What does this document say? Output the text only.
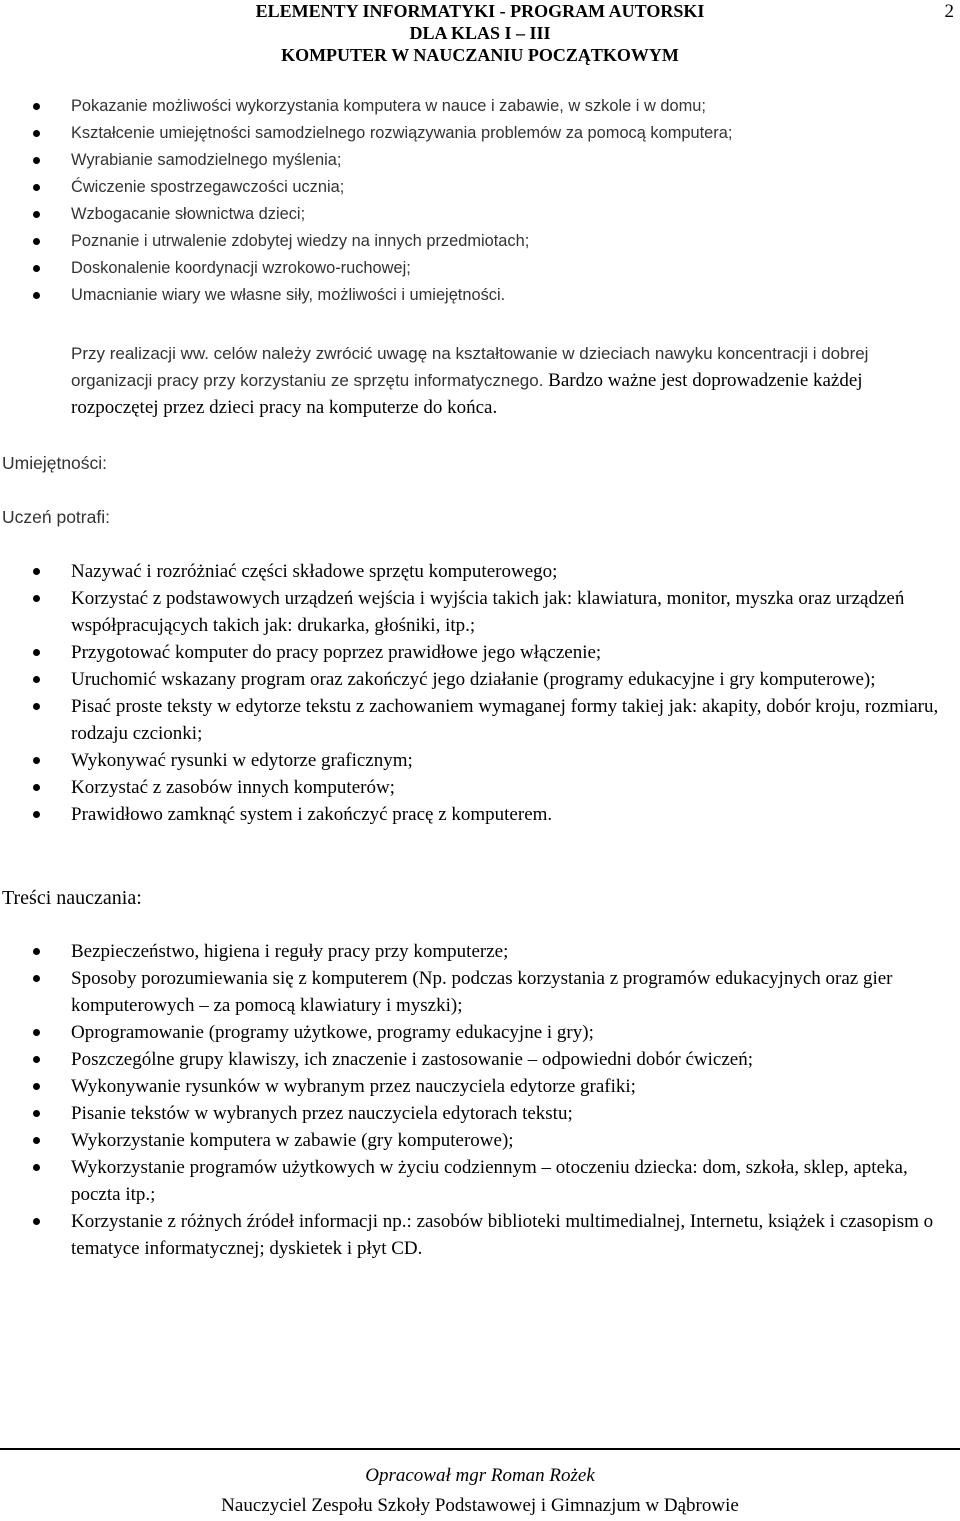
ELEMENTY INFORMATYKI - PROGRAM AUTORSKI
DLA KLAS I – III
KOMPUTER W NAUCZANIU POCZĄTKOWYM
2
Pokazanie możliwości wykorzystania komputera w nauce i zabawie, w szkole i w domu;
Kształcenie umiejętności samodzielnego rozwiązywania problemów za pomocą komputera;
Wyrabianie samodzielnego myślenia;
Ćwiczenie spostrzegawczości ucznia;
Wzbogacanie słownictwa dzieci;
Poznanie i utrwalenie zdobytej wiedzy na innych przedmiotach;
Doskonalenie koordynacji wzrokowo-ruchowej;
Umacnianie wiary we własne siły, możliwości i umiejętności.
Przy realizacji ww. celów należy zwrócić uwagę na kształtowanie w dzieciach nawyku koncentracji i dobrej organizacji pracy przy korzystaniu ze sprzętu informatycznego. Bardzo ważne jest doprowadzenie każdej rozpoczętej przez dzieci pracy na komputerze do końca.
Umiejętności:
Uczeń potrafi:
Nazywać i rozróżniać części składowe sprzętu komputerowego;
Korzystać z podstawowych urządzeń wejścia i wyjścia takich jak: klawiatura, monitor, myszka oraz urządzeń współpracujących takich jak: drukarka, głośniki, itp.;
Przygotować komputer do pracy poprzez prawidłowe jego włączenie;
Uruchomić wskazany program oraz zakończyć jego działanie (programy edukacyjne i gry komputerowe);
Pisać proste teksty w edytorze tekstu z zachowaniem wymaganej formy takiej jak: akapity, dobór kroju, rozmiaru, rodzaju czcionki;
Wykonywać rysunki w edytorze graficznym;
Korzystać z zasobów innych komputerów;
Prawidłowo zamknąć system i zakończyć pracę z komputerem.
Treści nauczania:
Bezpieczeństwo, higiena i reguły pracy przy komputerze;
Sposoby porozumiewania się z komputerem (Np. podczas korzystania z programów edukacyjnych oraz gier komputerowych – za pomocą klawiatury i myszki);
Oprogramowanie (programy użytkowe, programy edukacyjne i gry);
Poszczególne grupy klawiszy, ich znaczenie i zastosowanie – odpowiedni dobór ćwiczeń;
Wykonywanie rysunków w wybranym przez nauczyciela edytorze grafiki;
Pisanie tekstów w wybranych przez nauczyciela edytorach tekstu;
Wykorzystanie komputera w zabawie (gry komputerowe);
Wykorzystanie programów użytkowych w życiu codziennym – otoczeniu dziecka: dom, szkoła, sklep, apteka, poczta itp.;
Korzystanie z różnych źródeł informacji np.: zasobów biblioteki multimedialnej, Internetu, książek i czasopism o tematyce informatycznej; dyskietek i płyt CD.
Opracował mgr Roman Rożek
Nauczyciel Zespołu Szkoły Podstawowej i Gimnazjum w Dąbrowie
